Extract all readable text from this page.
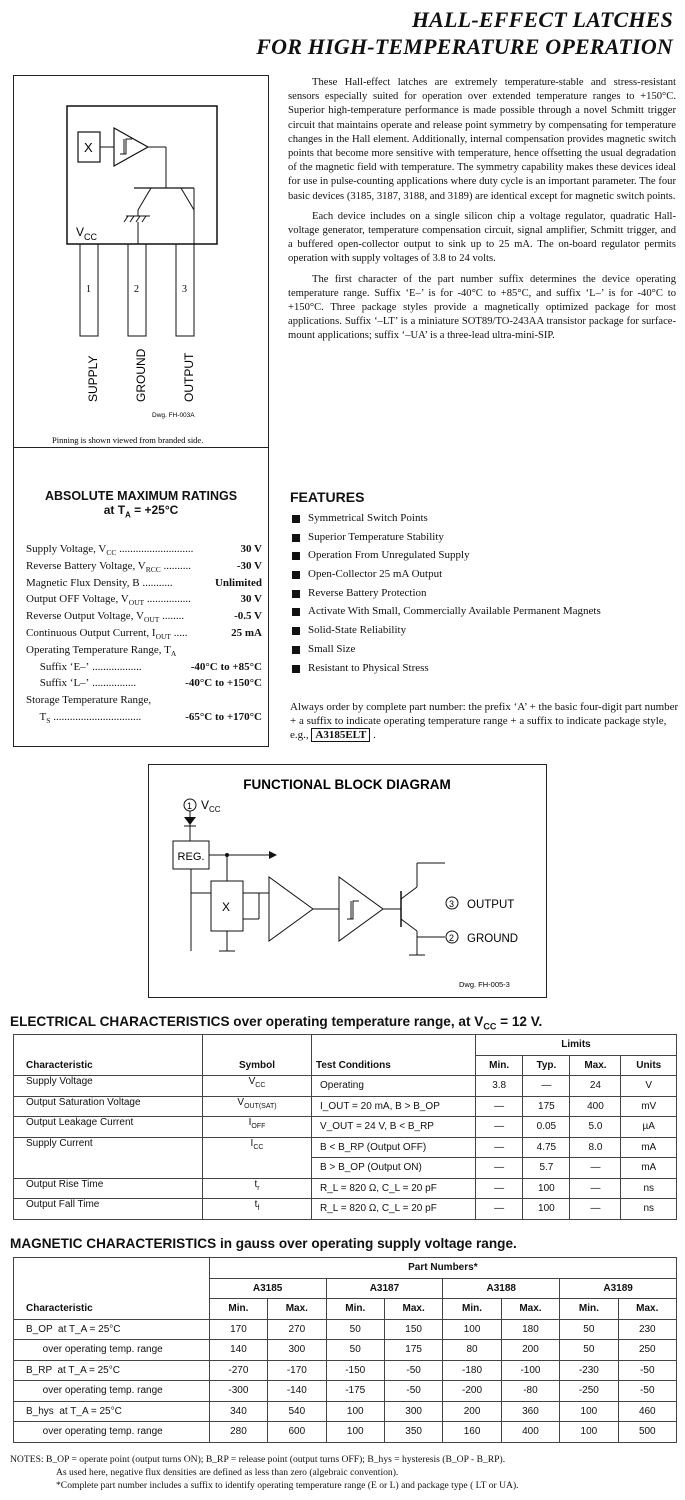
HALL-EFFECT LATCHES
FOR HIGH-TEMPERATURE OPERATION
X
$V_{CC}$
1	2	3
SUPPLY	GROUND	OUTPUT
Dwg. FH-003A
Pinning is shown viewed from branded side.

These Hall-effect latches are extremely temperature-stable and stress-resistant sensors especially suited for operation over extended temperature ranges to +150°C. Superior high-temperature performance is made possible through a novel Schmitt trigger circuit that maintains operate and release point symmetry by compensating for temperature changes in the Hall element. Additionally, internal compensation provides magnetic switch points that become more sensitive with temperature, hence offsetting the usual degradation of the magnetic field with temperature. The symmetry capability makes these devices ideal for use in pulse-counting applications where duty cycle is an important parameter. The four basic devices (3185, 3187, 3188, and 3189) are identical except for magnetic switch points.

Each device includes on a single silicon chip a voltage regulator, quadratic Hall-voltage generator, temperature compensation circuit, signal amplifier, Schmitt trigger, and a buffered open-collector output to sink up to 25 mA. The on-board regulator permits operation with supply voltages of 3.8 to 24 volts.

The first character of the part number suffix determines the device operating temperature range. Suffix ‘E–’ is for -40°C to +85°C, and suffix ‘L–’ is for -40°C to +150°C. Three package styles provide a magnetically optimized package for most applications. Suffix ‘–LT’ is a miniature SOT89/TO-243AA transistor package for surface-mount applications; suffix ‘–UA’ is a three-lead ultra-mini-SIP.

ABSOLUTE MAXIMUM RATINGS
at $T_A = +25^\circ C$
Supply Voltage, $V_{CC}$ ...........................	30 V
Reverse Battery Voltage, $V_{RCC}$ ..........	-30 V
Magnetic Flux Density, B ...........	Unlimited
Output OFF Voltage, $V_{OUT}$ ................	30 V
Reverse Output Voltage, $V_{OUT}$ ........	-0.5 V
Continuous Output Current, $I_{OUT}$ .....	25 mA
Operating Temperature Range, $T_A$
Suffix ‘E–’ ..................	-40°C to +85°C
Suffix ‘L–’ ................	-40°C to +150°C
Storage Temperature Range,
$T_S$ ................................	-65°C to +170°C
FEATURES
Symmetrical Switch Points
Superior Temperature Stability
Operation From Unregulated Supply
Open-Collector 25 mA Output
Reverse Battery Protection
Activate With Small, Commercially Available Permanent Magnets
Solid-State Reliability
Small Size
Resistant to Physical Stress
Always order by complete part number: the prefix ‘A’ + the basic four-digit part number + a suffix to indicate operating temperature range + a suffix to indicate package style, e.g., A3185ELT .
FUNCTIONAL BLOCK DIAGRAM
1 $V_{CC}$
REG.
X	3
2
OUTPUT
GROUND
Dwg. FH-005-3
ELECTRICAL CHARACTERISTICS over operating temperature range, at $V_{CC} = 12$ V.
			Limits			
Characteristic	Symbol	Test Conditions	Min.	Typ.	Max.	Units
Supply Voltage	$V_{CC}$	Operating	3.8	—	24	V
Output Saturation Voltage	$V_{OUT(SAT)}$	I_OUT = 20 mA, B > B_OP	—	175	400	mV
Output Leakage Current	$I_{OFF}$	V_OUT = 24 V, B < B_RP	—	0.05	5.0	µA
Supply Current	$I_{CC}$	B < B_RP (Output OFF)	—	4.75	8.0	mA
		B > B_OP (Output ON)	—	5.7	—	mA
Output Rise Time	$t_r$	R_L = 820 Ω, C_L = 20 pF	—	100	—	ns
Output Fall Time	$t_f$	R_L = 820 Ω, C_L = 20 pF	—	100	—	ns
MAGNETIC CHARACTERISTICS in gauss over operating supply voltage range.
	Part Numbers*							
	A3185		A3187		A3188		A3189	
Characteristic	Min.	Max.	Min.	Max.	Min.	Max.	Min.	Max.
B_OP  at T_A = 25°C	170	270	50	150	100	180	50	230
over operating temp. range	140	300	50	175	80	200	50	250
B_RP  at T_A = 25°C	-270	-170	-150	-50	-180	-100	-230	-50
over operating temp. range	-300	-140	-175	-50	-200	-80	-250	-50
B_hys  at T_A = 25°C	340	540	100	300	200	360	100	460
over operating temp. range	280	600	100	350	160	400	100	500
NOTES: B_OP = operate point (output turns ON); B_RP = release point (output turns OFF); B_hys = hysteresis (B_OP - B_RP).
As used here, negative flux densities are defined as less than zero (algebraic convention).
*Complete part number includes a suffix to identify operating temperature range (E or L) and package type ( LT or UA).
